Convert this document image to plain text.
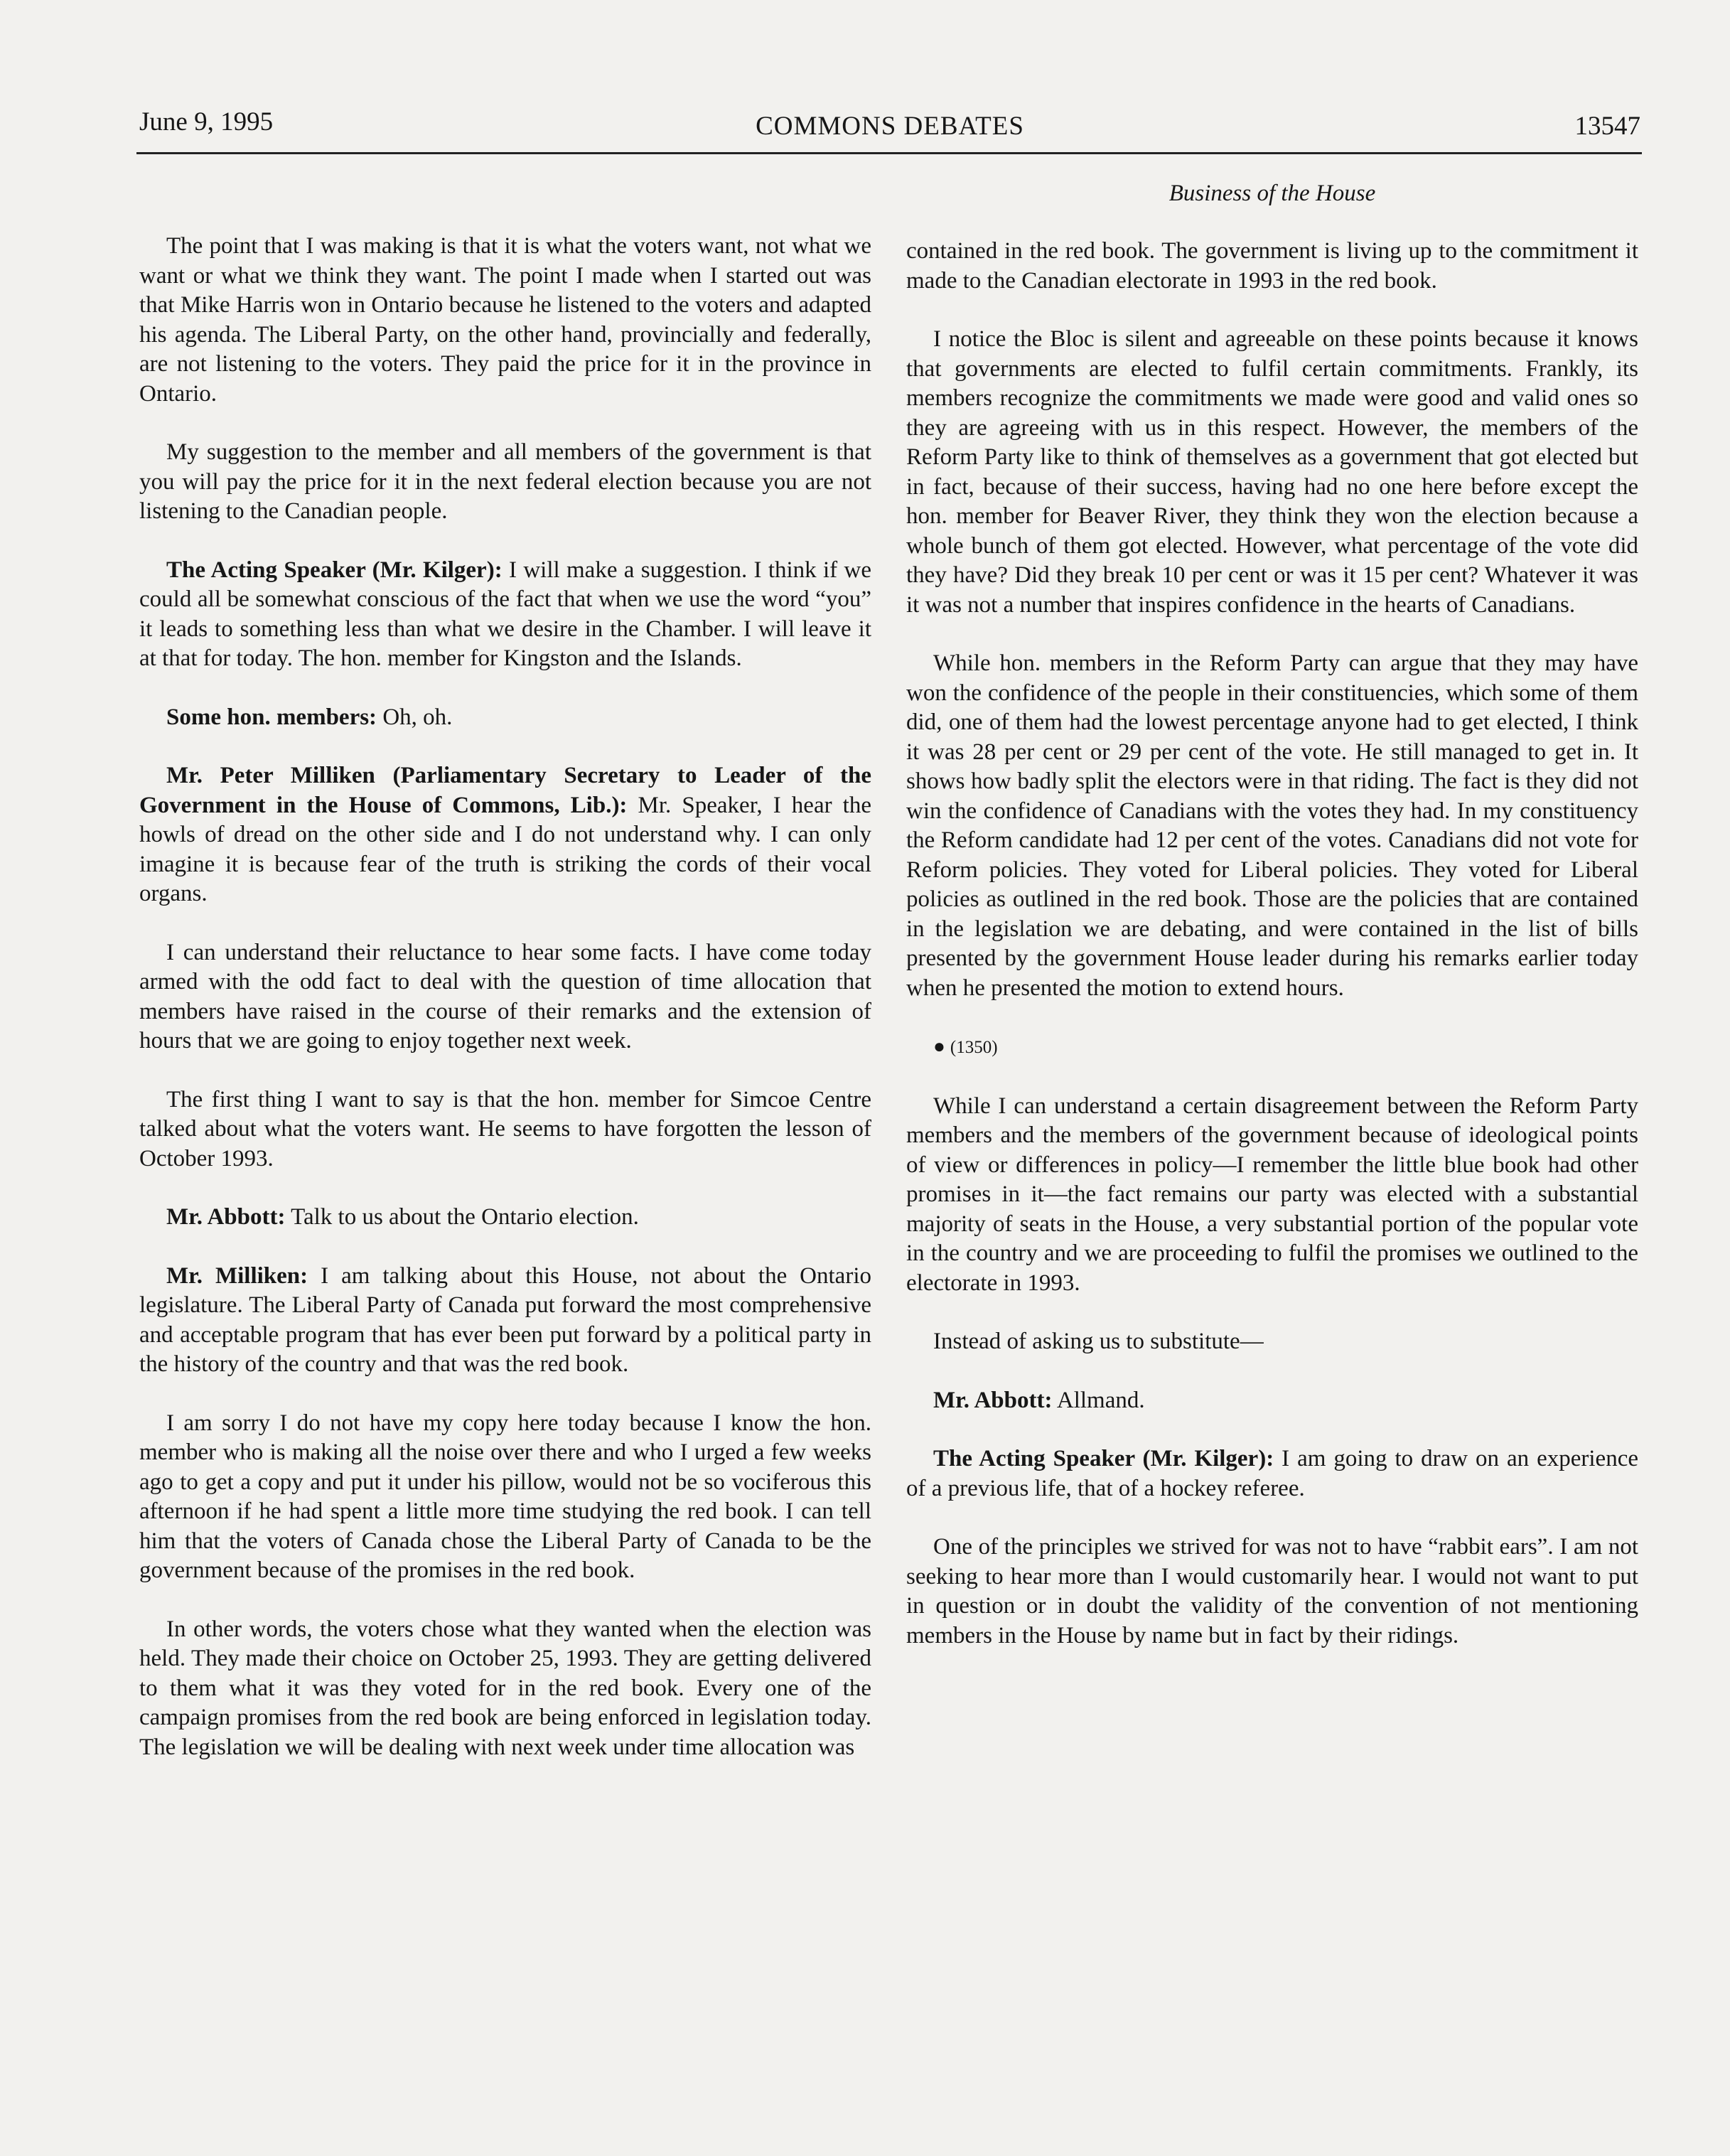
June 9, 1995	COMMONS DEBATES	13547
Business of the House

The point that I was making is that it is what the voters want, not what we want or what we think they want. The point I made when I started out was that Mike Harris won in Ontario because he listened to the voters and adapted his agenda. The Liberal Party, on the other hand, provincially and federally, are not listening to the voters. They paid the price for it in the province in Ontario.

My suggestion to the member and all members of the government is that you will pay the price for it in the next federal election because you are not listening to the Canadian people.

The Acting Speaker (Mr. Kilger): I will make a suggestion. I think if we could all be somewhat conscious of the fact that when we use the word “you” it leads to something less than what we desire in the Chamber. I will leave it at that for today. The hon. member for Kingston and the Islands.

Some hon. members: Oh, oh.

Mr. Peter Milliken (Parliamentary Secretary to Leader of the Government in the House of Commons, Lib.): Mr. Speaker, I hear the howls of dread on the other side and I do not understand why. I can only imagine it is because fear of the truth is striking the cords of their vocal organs.

I can understand their reluctance to hear some facts. I have come today armed with the odd fact to deal with the question of time allocation that members have raised in the course of their remarks and the extension of hours that we are going to enjoy together next week.

The first thing I want to say is that the hon. member for Simcoe Centre talked about what the voters want. He seems to have forgotten the lesson of October 1993.

Mr. Abbott: Talk to us about the Ontario election.

Mr. Milliken: I am talking about this House, not about the Ontario legislature. The Liberal Party of Canada put forward the most comprehensive and acceptable program that has ever been put forward by a political party in the history of the country and that was the red book.

I am sorry I do not have my copy here today because I know the hon. member who is making all the noise over there and who I urged a few weeks ago to get a copy and put it under his pillow, would not be so vociferous this afternoon if he had spent a little more time studying the red book. I can tell him that the voters of Canada chose the Liberal Party of Canada to be the government because of the promises in the red book.

In other words, the voters chose what they wanted when the election was held. They made their choice on October 25, 1993. They are getting delivered to them what it was they voted for in the red book. Every one of the campaign promises from the red book are being enforced in legislation today. The legislation we will be dealing with next week under time allocation was

contained in the red book. The government is living up to the commitment it made to the Canadian electorate in 1993 in the red book.

I notice the Bloc is silent and agreeable on these points because it knows that governments are elected to fulfil certain commitments. Frankly, its members recognize the commitments we made were good and valid ones so they are agreeing with us in this respect. However, the members of the Reform Party like to think of themselves as a government that got elected but in fact, because of their success, having had no one here before except the hon. member for Beaver River, they think they won the election because a whole bunch of them got elected. However, what percentage of the vote did they have? Did they break 10 per cent or was it 15 per cent? Whatever it was it was not a number that inspires confidence in the hearts of Canadians.

While hon. members in the Reform Party can argue that they may have won the confidence of the people in their constituencies, which some of them did, one of them had the lowest percentage anyone had to get elected, I think it was 28 per cent or 29 per cent of the vote. He still managed to get in. It shows how badly split the electors were in that riding. The fact is they did not win the confidence of Canadians with the votes they had. In my constituency the Reform candidate had 12 per cent of the votes. Canadians did not vote for Reform policies. They voted for Liberal policies. They voted for Liberal policies as outlined in the red book. Those are the policies that are contained in the legislation we are debating, and were contained in the list of bills presented by the government House leader during his remarks earlier today when he presented the motion to extend hours.

● (1350)

While I can understand a certain disagreement between the Reform Party members and the members of the government because of ideological points of view or differences in policy—I remember the little blue book had other promises in it—the fact remains our party was elected with a substantial majority of seats in the House, a very substantial portion of the popular vote in the country and we are proceeding to fulfil the promises we outlined to the electorate in 1993.

Instead of asking us to substitute—

Mr. Abbott: Allmand.

The Acting Speaker (Mr. Kilger): I am going to draw on an experience of a previous life, that of a hockey referee.

One of the principles we strived for was not to have “rabbit ears”. I am not seeking to hear more than I would customarily hear. I would not want to put in question or in doubt the validity of the convention of not mentioning members in the House by name but in fact by their ridings.
